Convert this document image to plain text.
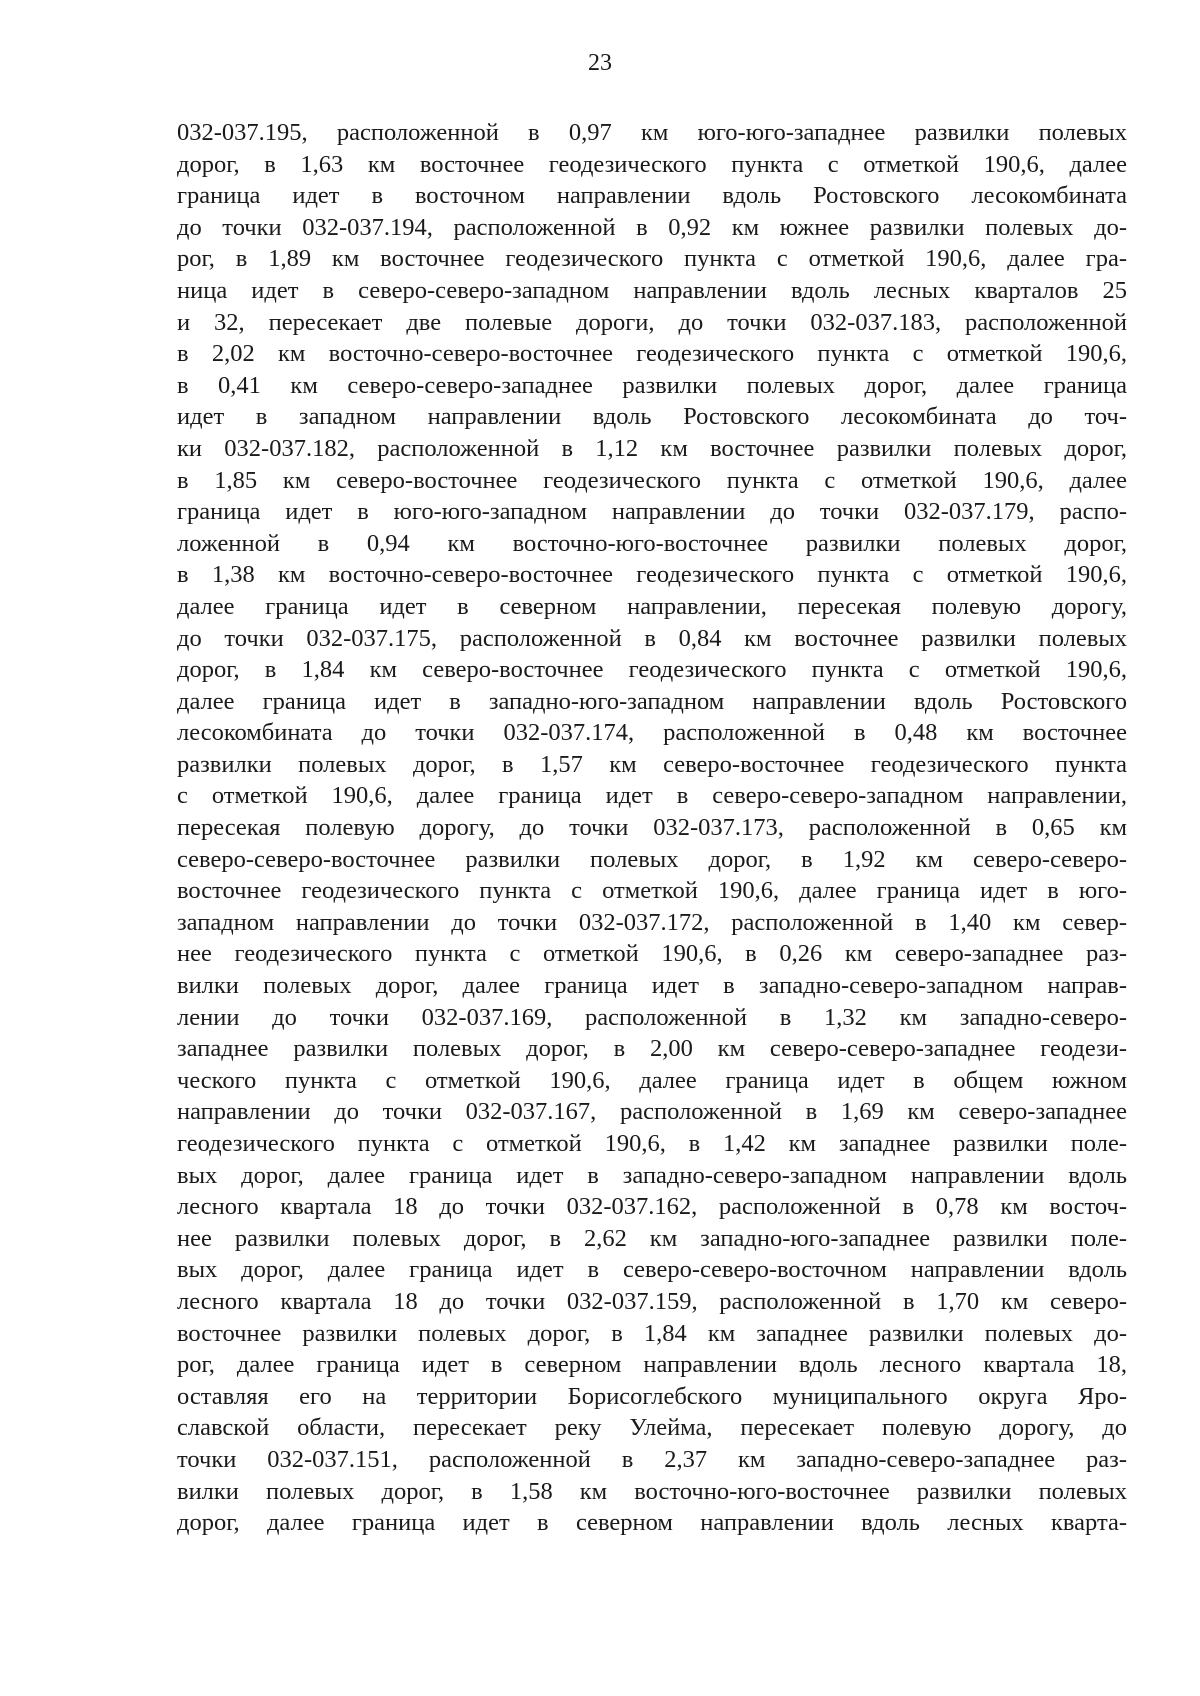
23
032-037.195, расположенной в 0,97 км юго-юго-западнее развилки полевых
дорог, в 1,63 км восточнее геодезического пункта с отметкой 190,6, далее
граница идет в восточном направлении вдоль Ростовского лесокомбината
до точки 032-037.194, расположенной в 0,92 км южнее развилки полевых до-
рог, в 1,89 км восточнее геодезического пункта с отметкой 190,6, далее гра-
ница идет в северо-северо-западном направлении вдоль лесных кварталов 25
и 32, пересекает две полевые дороги, до точки 032-037.183, расположенной
в 2,02 км восточно-северо-восточнее геодезического пункта с отметкой 190,6,
в 0,41 км северо-северо-западнее развилки полевых дорог, далее граница
идет в западном направлении вдоль Ростовского лесокомбината до точ-
ки 032-037.182, расположенной в 1,12 км восточнее развилки полевых дорог,
в 1,85 км северо-восточнее геодезического пункта с отметкой 190,6, далее
граница идет в юго-юго-западном направлении до точки 032-037.179, распо-
ложенной в 0,94 км восточно-юго-восточнее развилки полевых дорог,
в 1,38 км восточно-северо-восточнее геодезического пункта с отметкой 190,6,
далее граница идет в северном направлении, пересекая полевую дорогу,
до точки 032-037.175, расположенной в 0,84 км восточнее развилки полевых
дорог, в 1,84 км северо-восточнее геодезического пункта с отметкой 190,6,
далее граница идет в западно-юго-западном направлении вдоль Ростовского
лесокомбината до точки 032-037.174, расположенной в 0,48 км восточнее
развилки полевых дорог, в 1,57 км северо-восточнее геодезического пункта
с отметкой 190,6, далее граница идет в северо-северо-западном направлении,
пересекая полевую дорогу, до точки 032-037.173, расположенной в 0,65 км
северо-северо-восточнее развилки полевых дорог, в 1,92 км северо-северо-
восточнее геодезического пункта с отметкой 190,6, далее граница идет в юго-
западном направлении до точки 032-037.172, расположенной в 1,40 км север-
нее геодезического пункта с отметкой 190,6, в 0,26 км северо-западнее раз-
вилки полевых дорог, далее граница идет в западно-северо-западном направ-
лении до точки 032-037.169, расположенной в 1,32 км западно-северо-
западнее развилки полевых дорог, в 2,00 км северо-северо-западнее геодези-
ческого пункта с отметкой 190,6, далее граница идет в общем южном
направлении до точки 032-037.167, расположенной в 1,69 км северо-западнее
геодезического пункта с отметкой 190,6, в 1,42 км западнее развилки поле-
вых дорог, далее граница идет в западно-северо-западном направлении вдоль
лесного квартала 18 до точки 032-037.162, расположенной в 0,78 км восточ-
нее развилки полевых дорог, в 2,62 км западно-юго-западнее развилки поле-
вых дорог, далее граница идет в северо-северо-восточном направлении вдоль
лесного квартала 18 до точки 032-037.159, расположенной в 1,70 км северо-
восточнее развилки полевых дорог, в 1,84 км западнее развилки полевых до-
рог, далее граница идет в северном направлении вдоль лесного квартала 18,
оставляя его на территории Борисоглебского муниципального округа Яро-
славской области, пересекает реку Улейма, пересекает полевую дорогу, до
точки 032-037.151, расположенной в 2,37 км западно-северо-западнее раз-
вилки полевых дорог, в 1,58 км восточно-юго-восточнее развилки полевых
дорог, далее граница идет в северном направлении вдоль лесных кварта-
